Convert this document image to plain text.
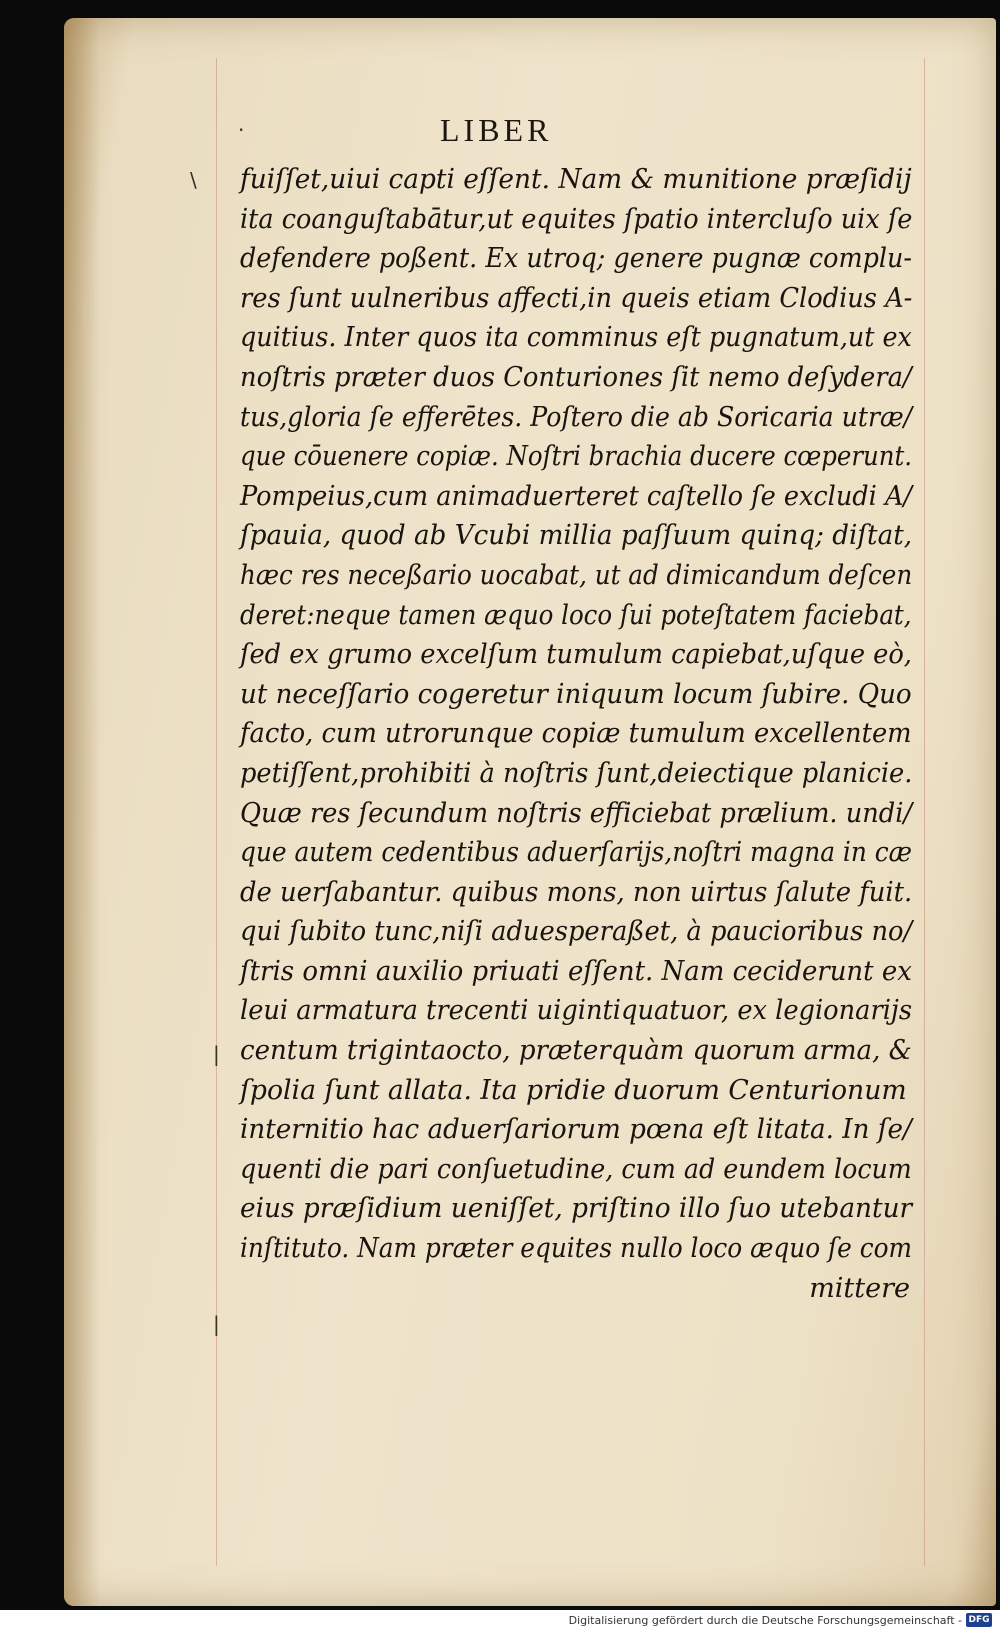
·
\
|
|
LIBER
fuiſſet,uiui capti eſſent. Nam & munitione præſidij
ita coanguſtabātur,ut equites ſpatio intercluſo uix ſe
defendere poßent. Ex utroq; genere pugnæ complu-
res ſunt uulneribus affecti,in queis etiam Clodius A-
quitius. Inter quos ita comminus eſt pugnatum,ut ex
noſtris præter duos Conturiones ſit nemo deſydera/
tus,gloria ſe efferētes. Poſtero die ab Soricaria utræ/
que cōuenere copiæ. Noſtri brachia ducere cœperunt.
Pompeius,cum animaduerteret caſtello ſe excludi A/
ſpauia, quod ab Vcubi millia paſſuum quinq; diſtat,
hæc res neceßario uocabat, ut ad dimicandum deſcen
deret:neque tamen æquo loco ſui poteſtatem faciebat,
ſed ex grumo excelſum tumulum capiebat,uſque eò,
ut neceſſario cogeretur iniquum locum ſubire. Quo
facto, cum utrorunque copiæ tumulum excellentem
petiſſent,prohibiti à noſtris ſunt,deiectique planicie.
Quæ res ſecundum noſtris efficiebat prælium. undi/
que autem cedentibus aduerſarijs,noſtri magna in cæ
de uerſabantur. quibus mons, non uirtus ſalute fuit.
qui ſubito tunc,niſi aduesperaßet, à paucioribus no/
ſtris omni auxilio priuati eſſent. Nam ceciderunt ex
leui armatura trecenti uigintiquatuor, ex legionarijs
centum trigintaocto, præterquàm quorum arma, &
ſpolia ſunt allata. Ita pridie duorum Centurionum
internitio hac aduerſariorum pœna eſt litata. In ſe/
quenti die pari conſuetudine, cum ad eundem locum
eius præſidium ueniſſet, priſtino illo ſuo utebantur
inſtituto. Nam præter equites nullo loco æquo ſe com
mittere
Digitalisierung gefördert durch die Deutsche Forschungsgemeinschaft - DFG
